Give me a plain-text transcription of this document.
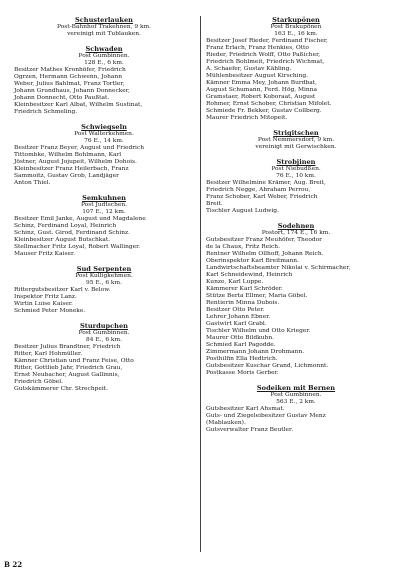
Schusterlauken
Post-Bahnhof Trakehnen, 9 km.
vereinigt mit Tublauken.
Schwaden
Post Gumbinnen.
128 E., 6 km.
Besitzer Mathes Kronhöfer, Friedrich
Ogrzen, Hermann Gchwenn, Johann
Weber, Julius Bahlmat, Franz Tortler,
Johann Grundhaus, Johann Donnecker,
Johann Donnecht, Otto Paußtat.
Kleinbesitzer Karl Albat, Wilhelm Sustinat,
Friedrich Schmeling.
Schwiegseln
Post Walterkehmen.
76 E., 14 km.
Besitzer Franz Beyer, August und Friedrich
Tittombke, Wilhelm Bohlmann, Karl
Jöstner, August Jojupeit, Wilhelm Dohois.
Kleinbesitzer Franz Heilerbach, Franz
Sammoitz, Gustav Grob, Landjäger
Anton Thiel.
Semkuhnen
Post Judtschen.
107 E., 12 km.
Besitzer Emil Janke, August und Magdalene
Schinz, Ferdinand Loyal, Heinrich
Schinz, Gust. Girod, Ferdinand Schinz.
Kleinbesitzer August Butschkat.
Stellmacher Fritz Loyal, Robert Wallinger.
Mauser Fritz Kaiser.
Sud Serpenten
Post Kulligkehmen.
95 E., 6 km.
Rittergutsbesitzer Karl v. Below.
Inspektor Fritz Lanz.
Wirtin Luise Kaiser.
Schmied Peter Moneke.
Sturdupchen
Post Gumbinnen.
84 E., 6 km.
Besitzer Julius Brandtner, Friedrich
Ritter, Karl Hohmüller.
Kämner Christian und Franz Feise, Otto
Ritter, Gottlieb Jahr, Friedrich Grau,
Ernst Neubacher, August Gallinnis,
Friedrich Göbel.
Gutskämmerer Chr. Strechpeit.
Starkupönen
Post Brakupönen
163 E., 16 km.
Besitzer Josef Rieder, Ferdinand Fischer,
Franz Erlach, Franz Henkies, Otto
Rieder, Friedrich Wolff, Otto Paßicher,
Friedrich Bohlmeit, Friedrich Wichmat,
A. Schaefer, Gustav Kähling.
Mühlenbesitzer August Kirsching.
Kämner Emma Mey, Johann Burdbat,
August Schumann, Ferd. Hög, Minna
Gramstaer, Robert Koboraat, August
Rohmer, Ernst Schober, Christian Mifolet.
Schmiede Fr. Bekker, Gustav Collberg.
Maurer Friedrich Mitopeit.
Strigitschen
Post Nemmersdorf, 9 km.
vereinigt mit Gerwischken.
Strobjinen
Post Niebudßen.
76 E., 10 km.
Besitzer Wilhelmine Krämer, Aug. Breit,
Friedrich Negge, Abraham Perrou,
Franz Schober, Karl Weber, Friedrich
Breit.
Tischler August Ludwig.
Sodehnen
Postort, 174 E., 16 km.
Gutsbesitzer Franz Meuhöfer, Theodor
de la Chaux, Fritz Reich.
Rentner Wilhelm Ollhoff, Johann Reich.
Oberinspektor Karl Breitmann.
Landwirtschaftsbeamter Nikolai v. Schirmacher,
Karl Schneidewind, Heinrich
Kunze, Karl Luppe.
Kämmerer Karl Schröder.
Stütze Berta Ellmer, Maria Göbel.
Rentierin Minna Dubois.
Besitzer Otto Peter.
Lehrer Johann Ebner.
Gastwirt Karl Grabl.
Tischler Wilhelm und Otto Krieger.
Maurer Otto Bildkuhn.
Schmied Karl Pagodde.
Zimmermann Johann Drohmann.
Posthilfin Ella Hedtrich.
Gutsbesitzer Kuschar Grand, Lichmonnt.
Postkasse Moris Gerber.
Sodeiken mit Bernen
Post Gumbinnen.
563 E., 2 km.
Gutsbesitzer Karl Ahsmat.
Guts- und Ziegeleibesitzer Gustav Menz
(Mablauken).
Gutsverwalter Franz Beutler.
B 22
